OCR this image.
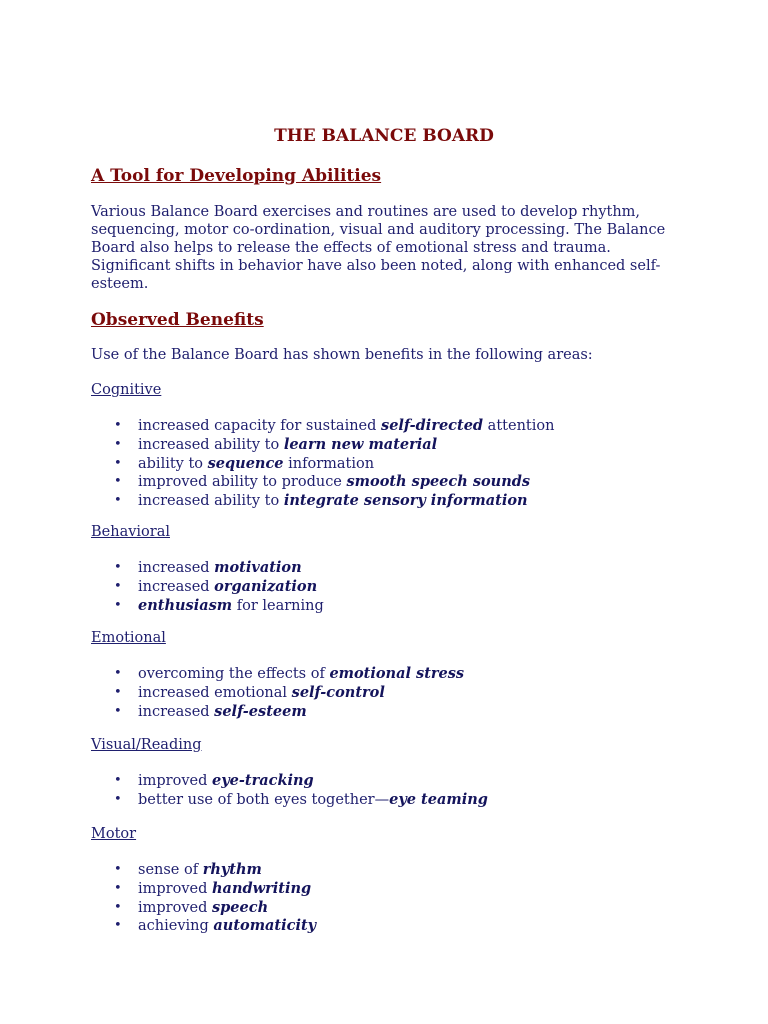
THE BALANCE BOARD
A Tool for Developing Abilities

Various Balance Board exercises and routines are used to develop rhythm, sequencing, motor co-ordination, visual and auditory processing. The Balance Board also helps to release the effects of emotional stress and trauma. Significant shifts in behavior have also been noted, along with enhanced self-esteem.

Observed Benefits

Use of the Balance Board has shown benefits in the following areas:

Cognitive

• increased capacity for sustained self-directed attention
• increased ability to learn new material
• ability to sequence information
• improved ability to produce smooth speech sounds
• increased ability to integrate sensory information

Behavioral

• increased motivation
• increased organization
• enthusiasm for learning

Emotional

• overcoming the effects of emotional stress
• increased emotional self-control
• increased self-esteem

Visual/Reading

• improved eye-tracking
• better use of both eyes together—eye teaming

Motor

• sense of rhythm
• improved handwriting
• improved speech
• achieving automaticity
